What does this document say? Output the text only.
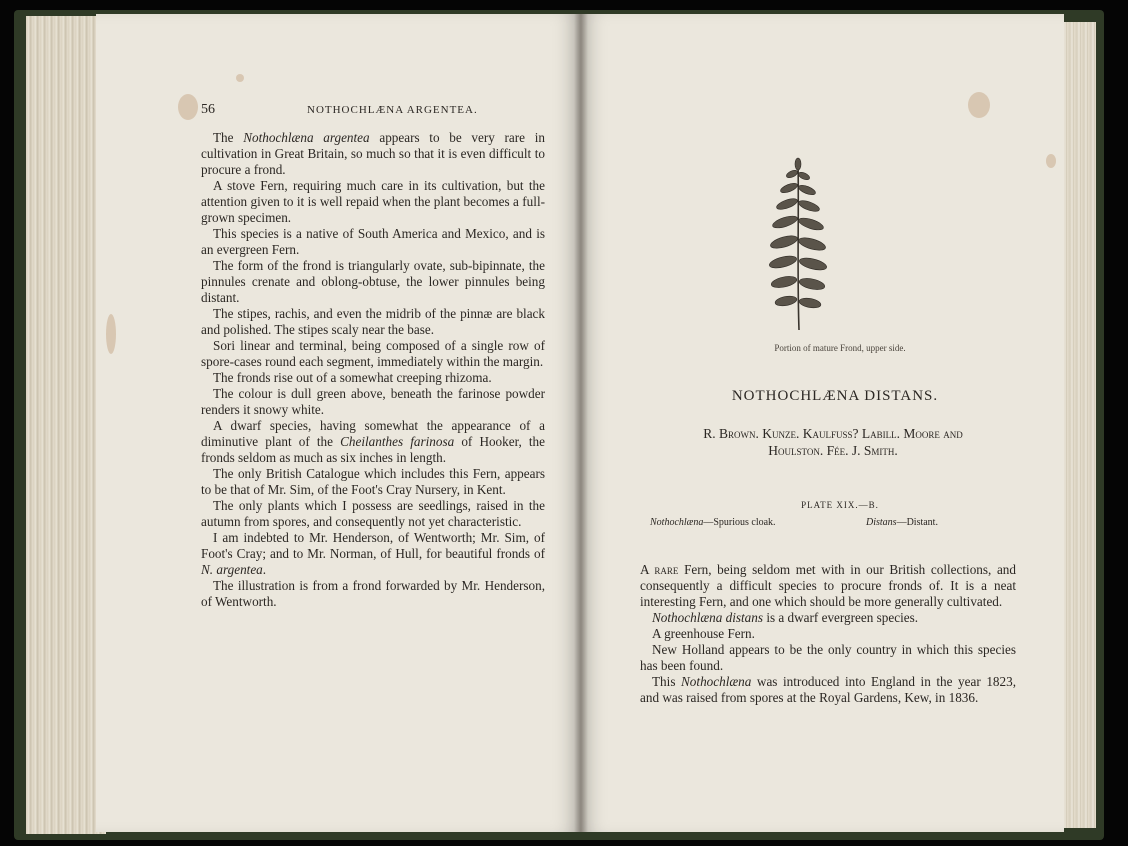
56	NOTHOCHLÆNA ARGENTEA.

The Nothochlæna argentea appears to be very rare in cultivation in Great Britain, so much so that it is even difficult to procure a frond.

A stove Fern, requiring much care in its cultivation, but the attention given to it is well repaid when the plant becomes a full-grown specimen.

This species is a native of South America and Mexico, and is an evergreen Fern.

The form of the frond is triangularly ovate, sub-bipinnate, the pinnules crenate and oblong-obtuse, the lower pinnules being distant.

The stipes, rachis, and even the midrib of the pinnæ are black and polished. The stipes scaly near the base.

Sori linear and terminal, being composed of a single row of spore-cases round each segment, immediately within the margin.

The fronds rise out of a somewhat creeping rhizoma.

The colour is dull green above, beneath the farinose powder renders it snowy white.

A dwarf species, having somewhat the appearance of a diminutive plant of the Cheilanthes farinosa of Hooker, the fronds seldom as much as six inches in length.

The only British Catalogue which includes this Fern, appears to be that of Mr. Sim, of the Foot's Cray Nursery, in Kent.

The only plants which I possess are seedlings, raised in the autumn from spores, and consequently not yet characteristic.

I am indebted to Mr. Henderson, of Wentworth; Mr. Sim, of Foot's Cray; and to Mr. Norman, of Hull, for beautiful fronds of N. argentea.

The illustration is from a frond forwarded by Mr. Henderson, of Wentworth.

Portion of mature Frond, upper side.
NOTHOCHLÆNA DISTANS.
R. Brown. Kunze. Kaulfuss? Labill. Moore and
Houlston. Fée. J. Smith.
PLATE XIX.—B.
Nothochlæna—Spurious cloak.	Distans—Distant.

A rare Fern, being seldom met with in our British collections, and consequently a difficult species to procure fronds of. It is a neat interesting Fern, and one which should be more generally cultivated.

Nothochlæna distans is a dwarf evergreen species.

A greenhouse Fern.

New Holland appears to be the only country in which this species has been found.

This Nothochlæna was introduced into England in the year 1823, and was raised from spores at the Royal Gardens, Kew, in 1836.
